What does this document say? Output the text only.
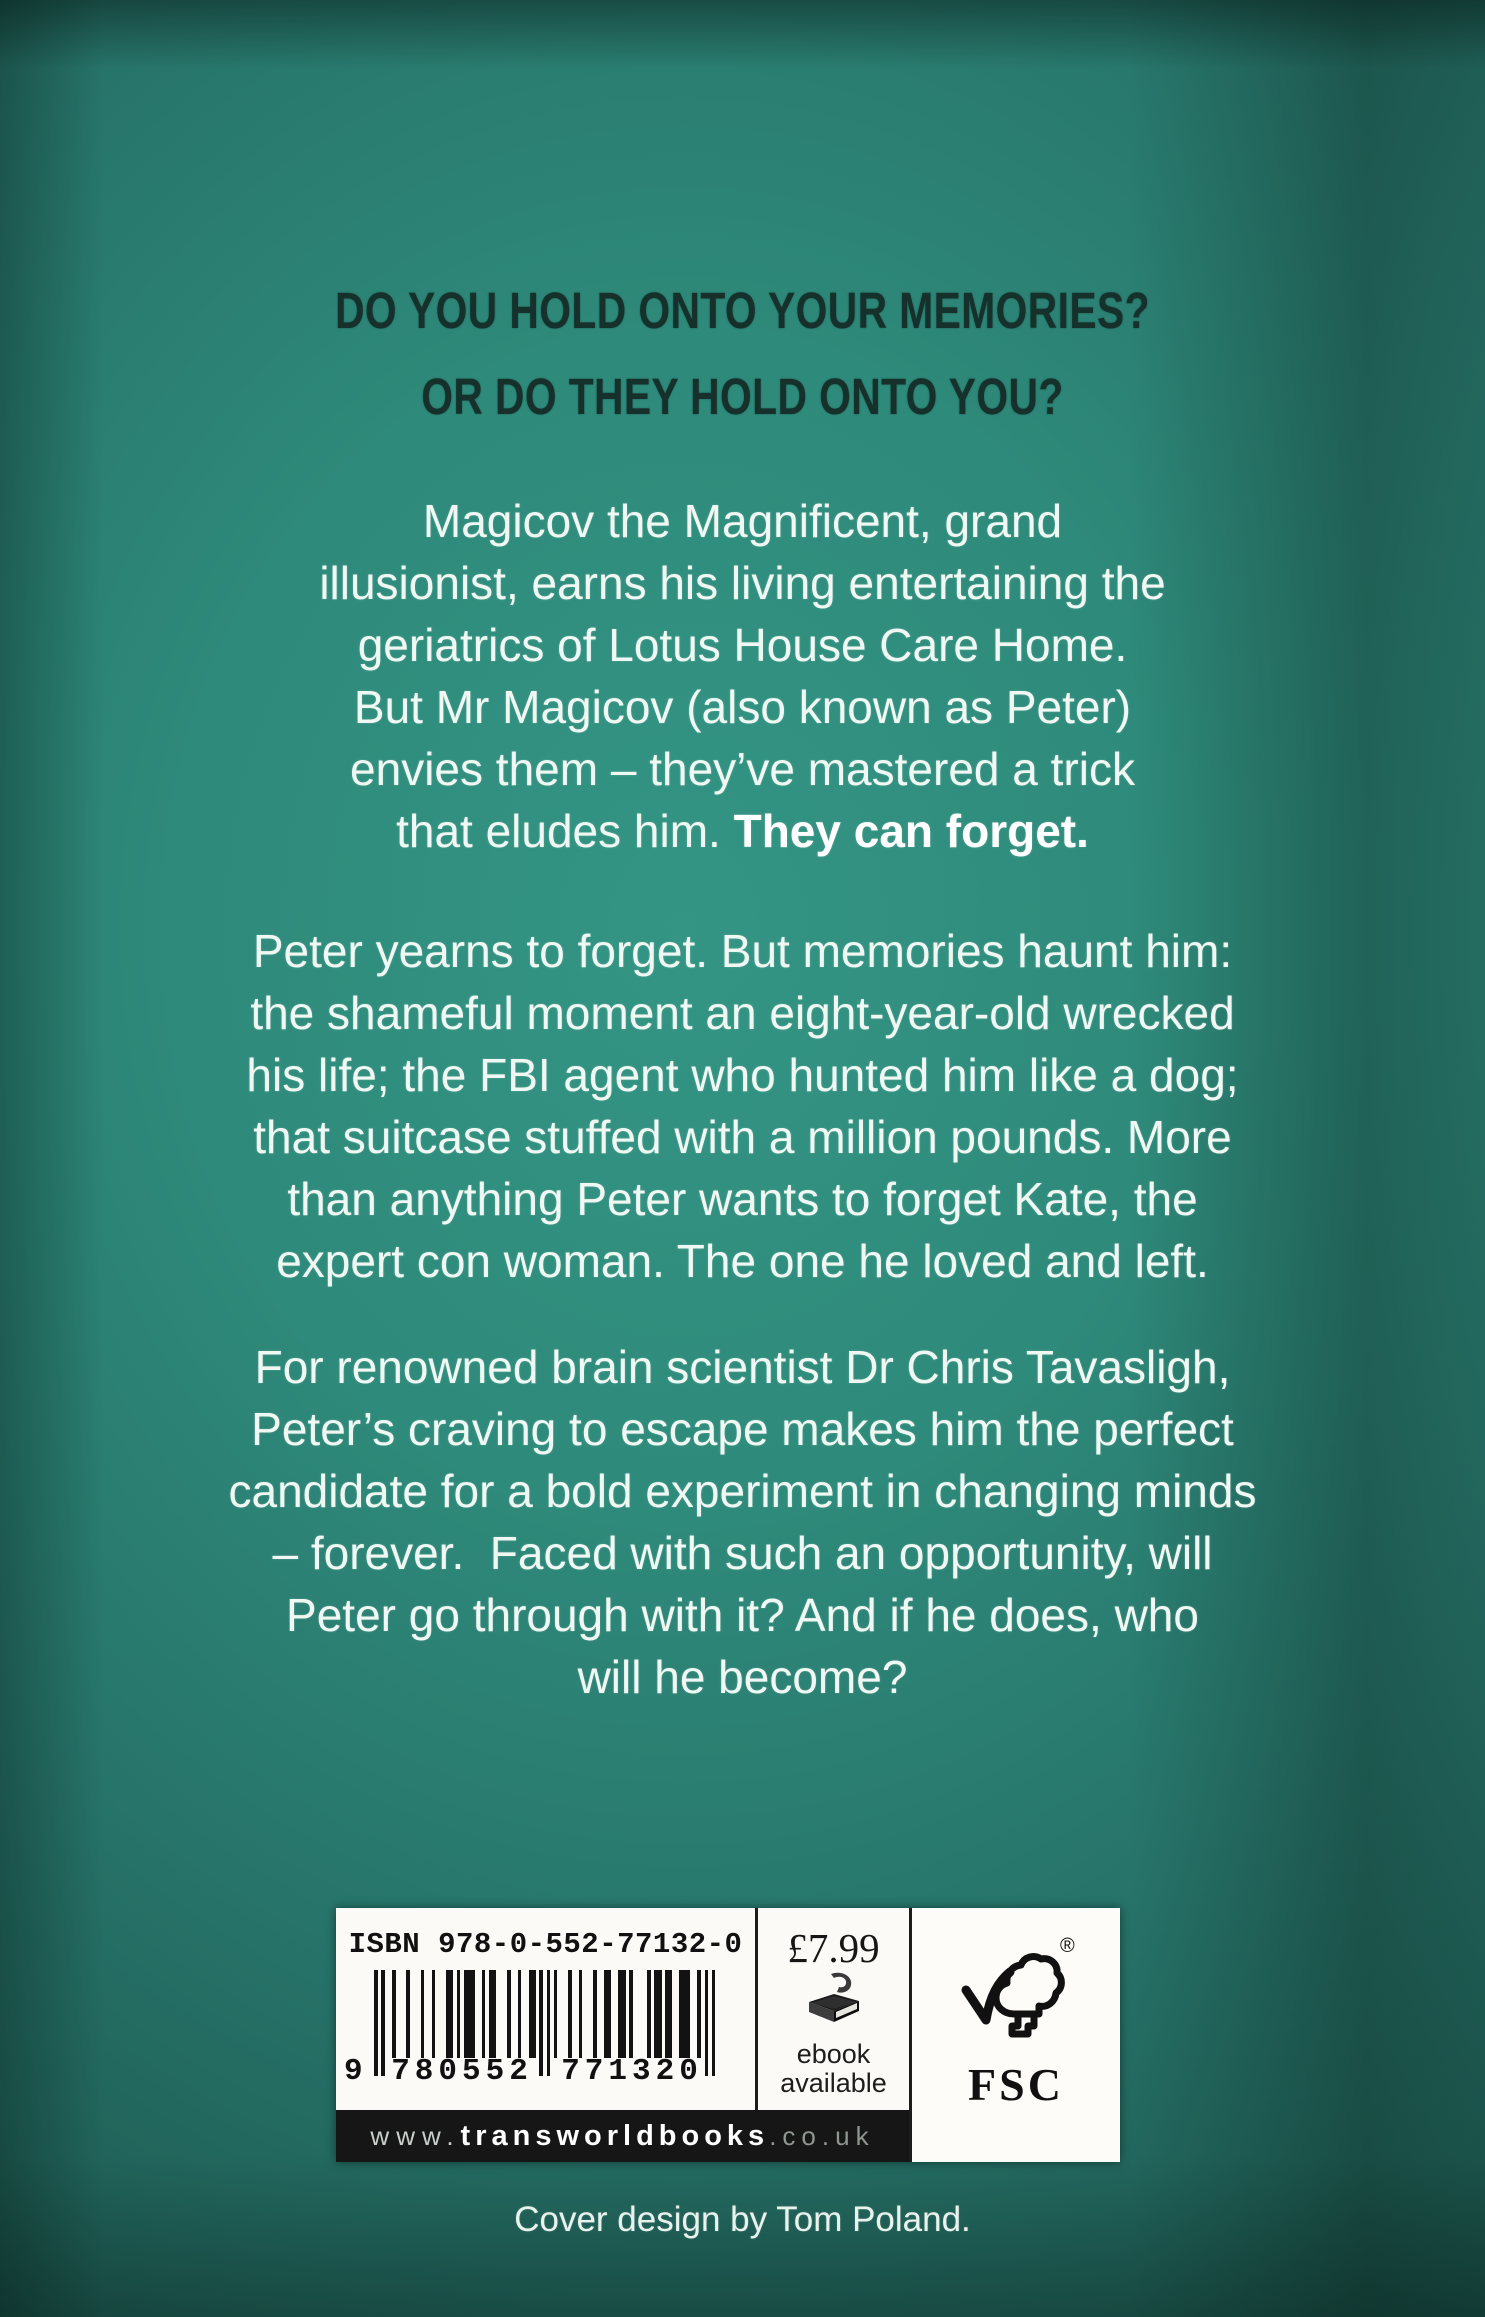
DO YOU HOLD ONTO YOUR MEMORIES?
OR DO THEY HOLD ONTO YOU?
Magicov the Magnificent, grand
illusionist, earns his living entertaining the
geriatrics of Lotus House Care Home.
But Mr Magicov (also known as Peter)
envies them – they’ve mastered a trick
that eludes him. They can forget.
Peter yearns to forget. But memories haunt him:
the shameful moment an eight-year-old wrecked
his life; the FBI agent who hunted him like a dog;
that suitcase stuffed with a million pounds. More
than anything Peter wants to forget Kate, the
expert con woman. The one he loved and left.
For renowned brain scientist Dr Chris Tavasligh,
Peter’s craving to escape makes him the perfect
candidate for a bold experiment in changing minds
– forever.  Faced with such an opportunity, will
Peter go through with it? And if he does, who
will he become?
ISBN 978-0-552-77132-0
9 780552 771320
£7.99
ebook
available
®
FSC
www. transworldbooks .co.uk
Cover design by Tom Poland.
